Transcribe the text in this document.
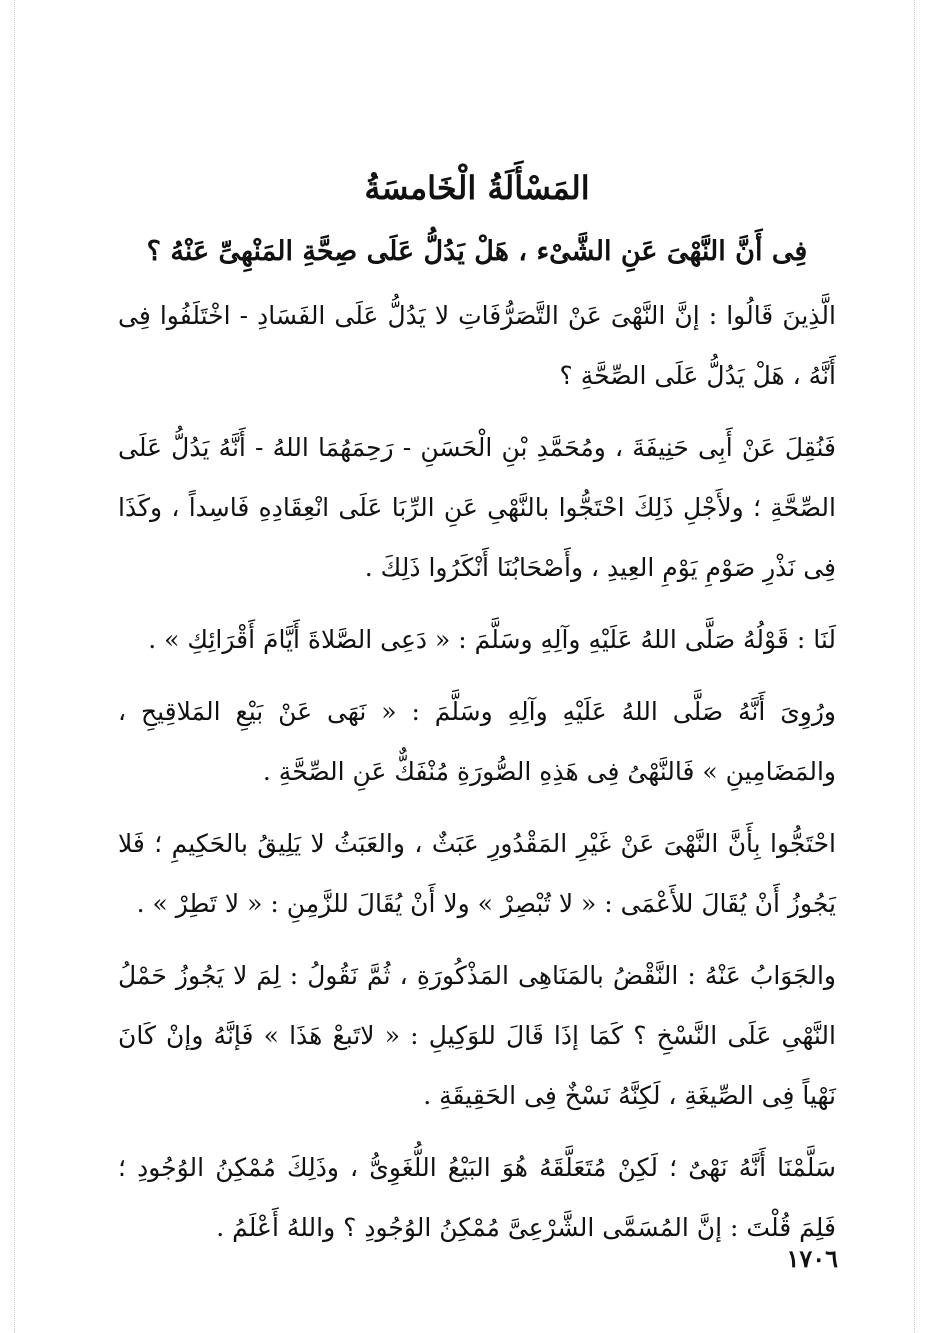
المَسْأَلَةُ الْخَامسَةُ
فِى أَنَّ النَّهْىَ عَنِ الشَّىْء ، هَلْ يَدُلُّ عَلَى صِحَّةِ المَنْهِىِّ عَنْهُ ؟

الَّذِينَ قَالُوا : إنَّ النَّهْىَ عَنْ التَّصَرُّفَاتِ لا يَدُلُّ عَلَى الفَسَادِ - اخْتَلَفُوا فِى أَنَّهُ ، هَلْ يَدُلُّ عَلَى الصِّحَّةِ ؟

فَنُقِلَ عَنْ أَبِى حَنِيفَةَ ، ومُحَمَّدِ بْنِ الْحَسَنِ - رَحِمَهُمَا اللهُ - أَنَّهُ يَدُلُّ عَلَى الصِّحَّةِ ؛ ولأَجْلِ ذَلِكَ احْتَجُّوا بالنَّهْىِ عَنِ الرِّبَا عَلَى انْعِقَادِهِ فَاسِداً ، وكَذَا فِى نَذْرِ صَوْمِ يَوْمِ العِيدِ ، وأَصْحَابُنَا أَنْكَرُوا ذَلِكَ .

لَنَا : قَوْلُهُ صَلَّى اللهُ عَلَيْهِ وآلِهِ وسَلَّمَ : « دَعِى الصَّلاةَ أَيَّامَ أَقْرَائِكِ » .

ورُوِىَ أَنَّهُ صَلَّى اللهُ عَلَيْهِ وآلِهِ وسَلَّمَ : « نَهَى عَنْ بَيْعِ المَلاقِيحِ ، والمَضَامِينِ » فَالنَّهْىُ فِى هَذِهِ الصُّورَةِ مُنْفَكٌّ عَنِ الصِّحَّةِ .

احْتَجُّوا بِأَنَّ النَّهْىَ عَنْ غَيْرِ المَقْدُورِ عَبَثٌ ، والعَبَثُ لا يَلِيقُ بالحَكِيمِ ؛ فَلا يَجُوزُ أَنْ يُقَالَ للأَعْمَى : « لا تُبْصِرْ » ولا أَنْ يُقَالَ للزَّمِنِ : « لا تَطِرْ » .

والجَوَابُ عَنْهُ : النَّقْضُ بالمَنَاهِى المَذْكُورَةِ ، ثُمَّ نَقُولُ : لِمَ لا يَجُوزُ حَمْلُ النَّهْىِ عَلَى النَّسْخِ ؟ كَمَا إذَا قَالَ للوَكِيلِ : « لاتَبعْ هَذَا » فَإنَّهُ وإنْ كَانَ نَهْياً فِى الصِّيغَةِ ، لَكِنَّهُ نَسْخٌ فِى الحَقِيقَةِ .

سَلَّمْنَا أَنَّهُ نَهْىٌ ؛ لَكِنْ مُتَعَلَّقَهُ هُوَ البَيْعُ اللُّغَوِىُّ ، وذَلِكَ مُمْكِنُ الوُجُودِ ؛ فَلِمَ قُلْتَ : إنَّ المُسَمَّى الشَّرْعِىَّ مُمْكِنُ الوُجُودِ ؟ واللهُ أَعْلَمُ .

١٧٠٦
